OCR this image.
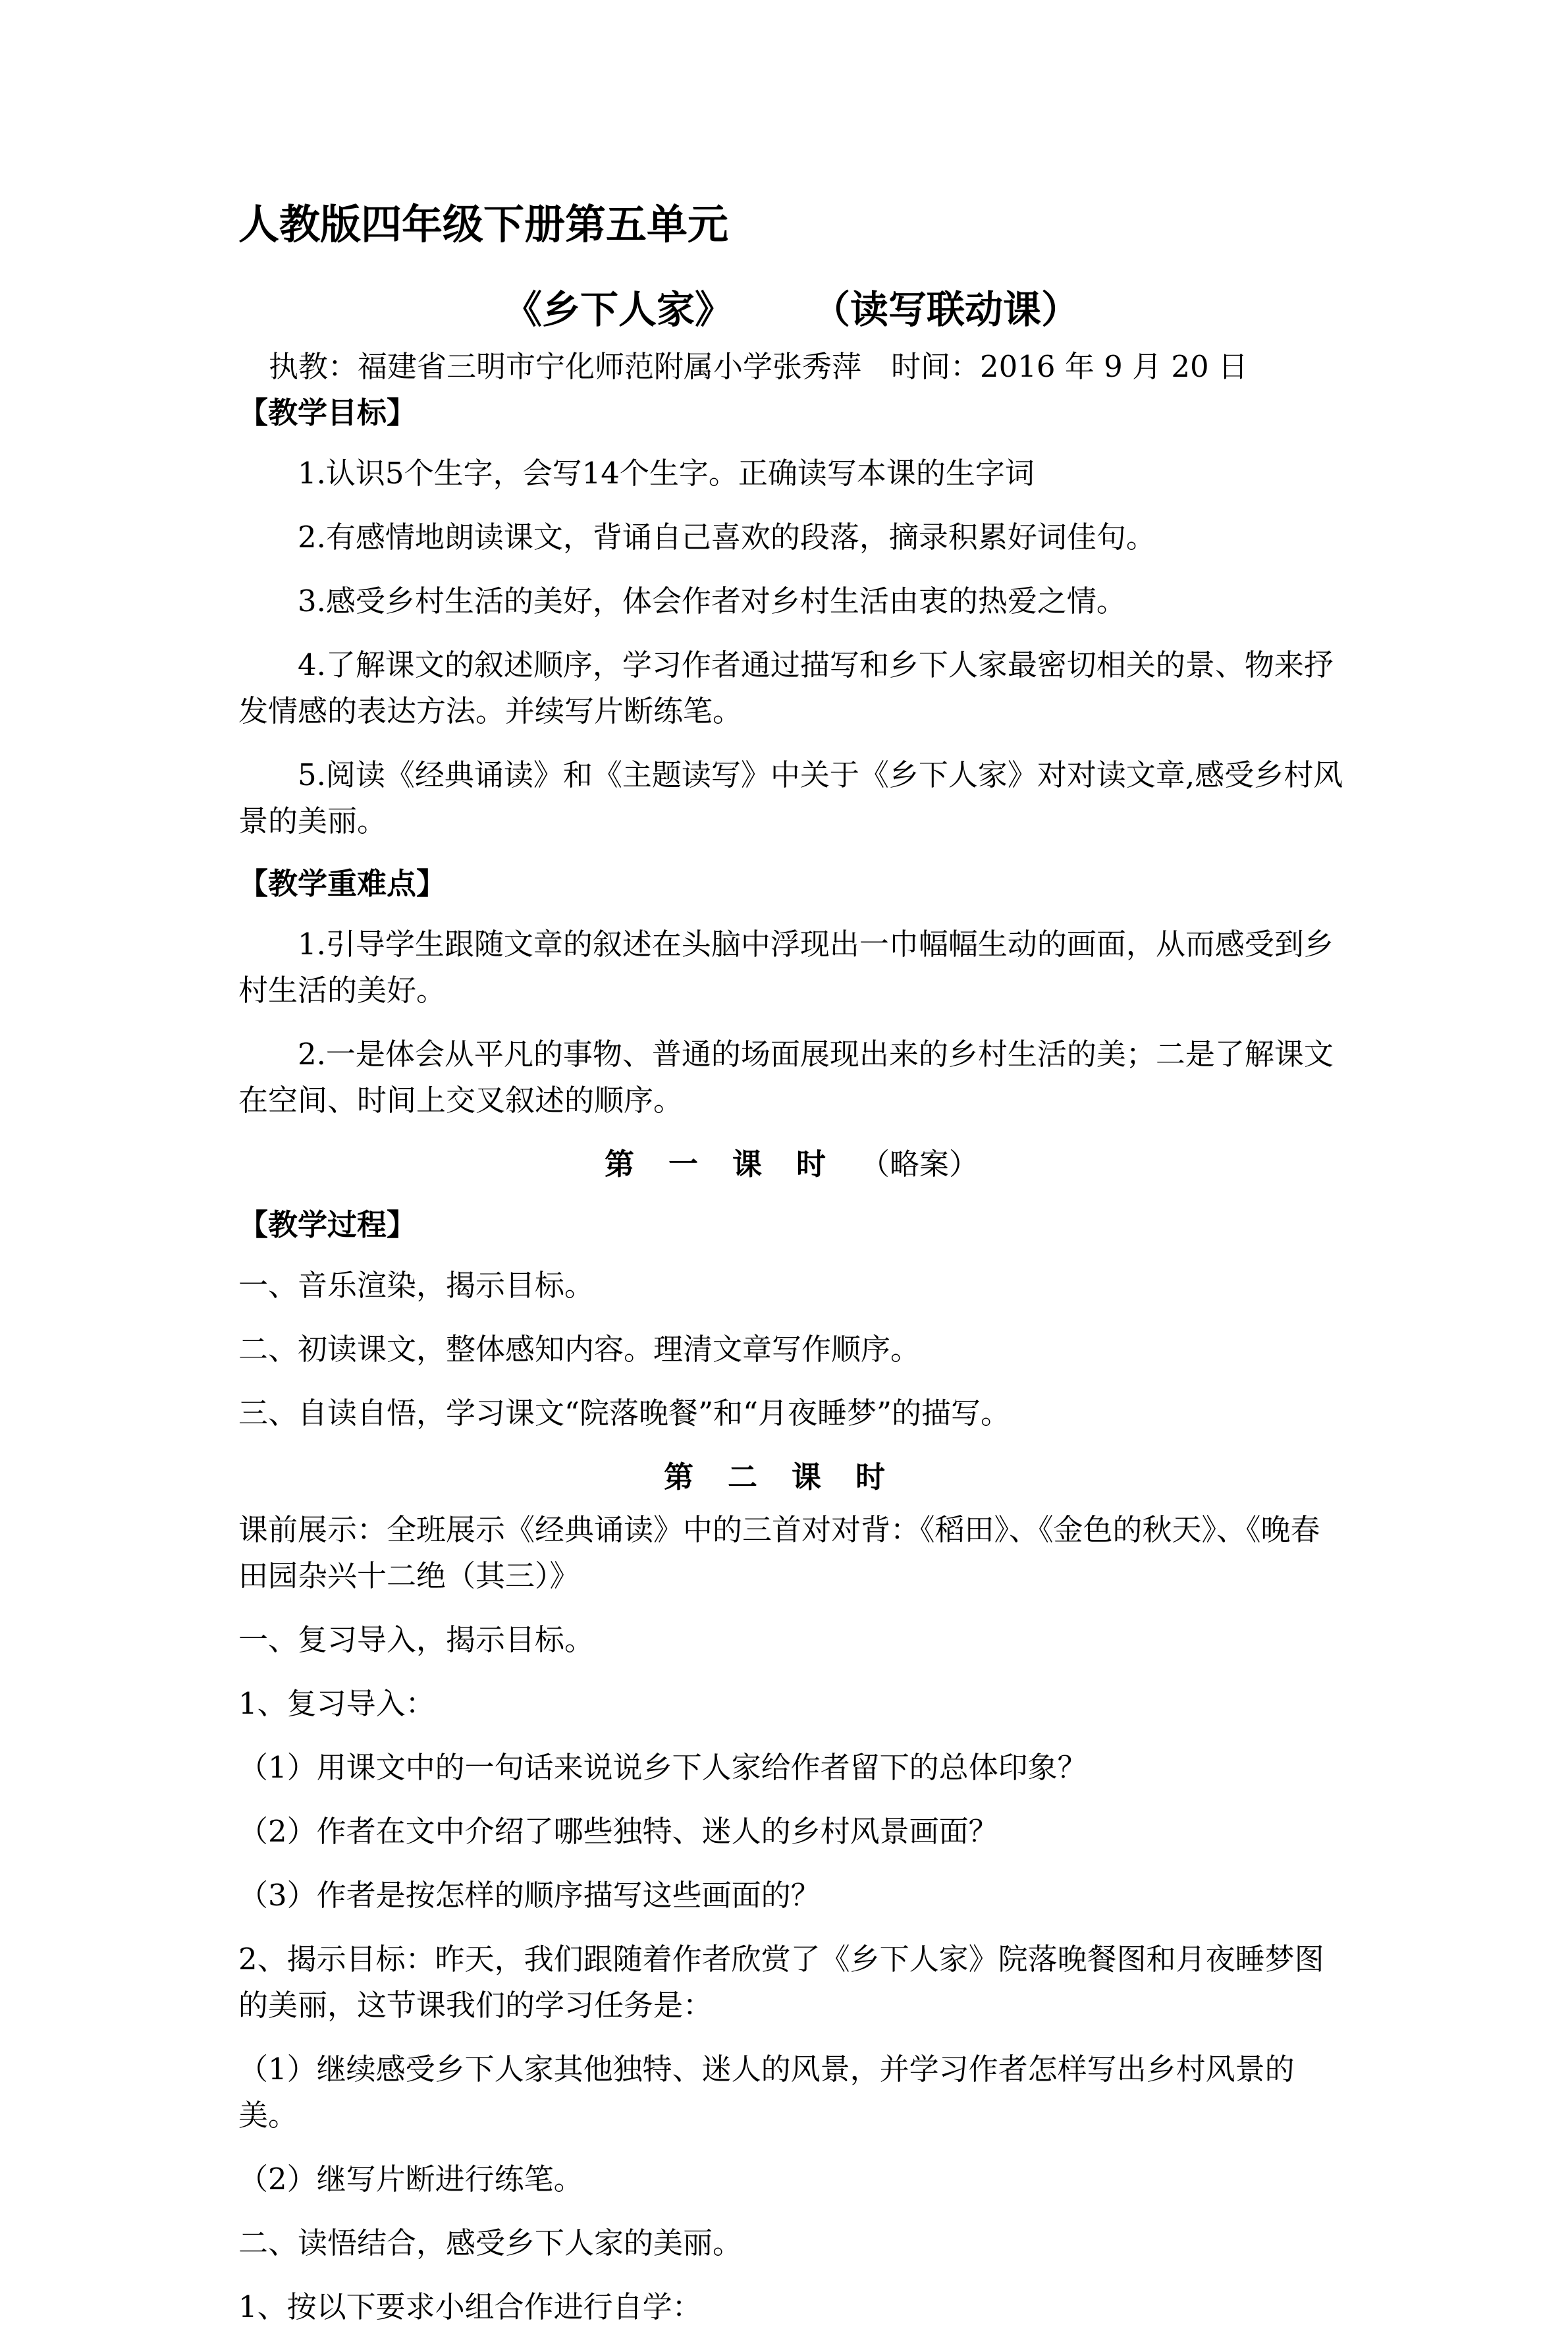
人教版四年级下册第五单元
《乡下人家》 （读写联动课）
执教：福建省三明市宁化师范附属小学张秀萍　时间：2016 年 9 月 20 日
【教学目标】
1.认识5个生字，会写14个生字。正确读写本课的生字词
2.有感情地朗读课文，背诵自己喜欢的段落，摘录积累好词佳句。
3.感受乡村生活的美好，体会作者对乡村生活由衷的热爱之情。
4.了解课文的叙述顺序，学习作者通过描写和乡下人家最密切相关的景、物来抒发情感的表达方法。并续写片断练笔。
5.阅读《经典诵读》和《主题读写》中关于《乡下人家》对对读文章,感受乡村风景的美丽。
【教学重难点】
1.引导学生跟随文章的叙述在头脑中浮现出一巾幅幅生动的画面，从而感受到乡村生活的美好。
2.一是体会从平凡的事物、普通的场面展现出来的乡村生活的美；二是了解课文在空间、时间上交叉叙述的顺序。
第一课时（略案）
【教学过程】
一、音乐渲染，揭示目标。
二、初读课文，整体感知内容。理清文章写作顺序。
三、自读自悟，学习课文“院落晚餐”和“月夜睡梦”的描写。
第二课时
课前展示：全班展示《经典诵读》中的三首对对背：《稻田》、《金色的秋天》、《晚春田园杂兴十二绝（其三）》
一、复习导入，揭示目标。
1、复习导入：
（1）用课文中的一句话来说说乡下人家给作者留下的总体印象？
（2）作者在文中介绍了哪些独特、迷人的乡村风景画面？
（3）作者是按怎样的顺序描写这些画面的？
2、揭示目标：昨天，我们跟随着作者欣赏了《乡下人家》院落晚餐图和月夜睡梦图的美丽，这节课我们的学习任务是：
（1）继续感受乡下人家其他独特、迷人的风景，并学习作者怎样写出乡村风景的美。
（2）继写片断进行练笔。
二、读悟结合，感受乡下人家的美丽。
1、按以下要求小组合作进行自学：
